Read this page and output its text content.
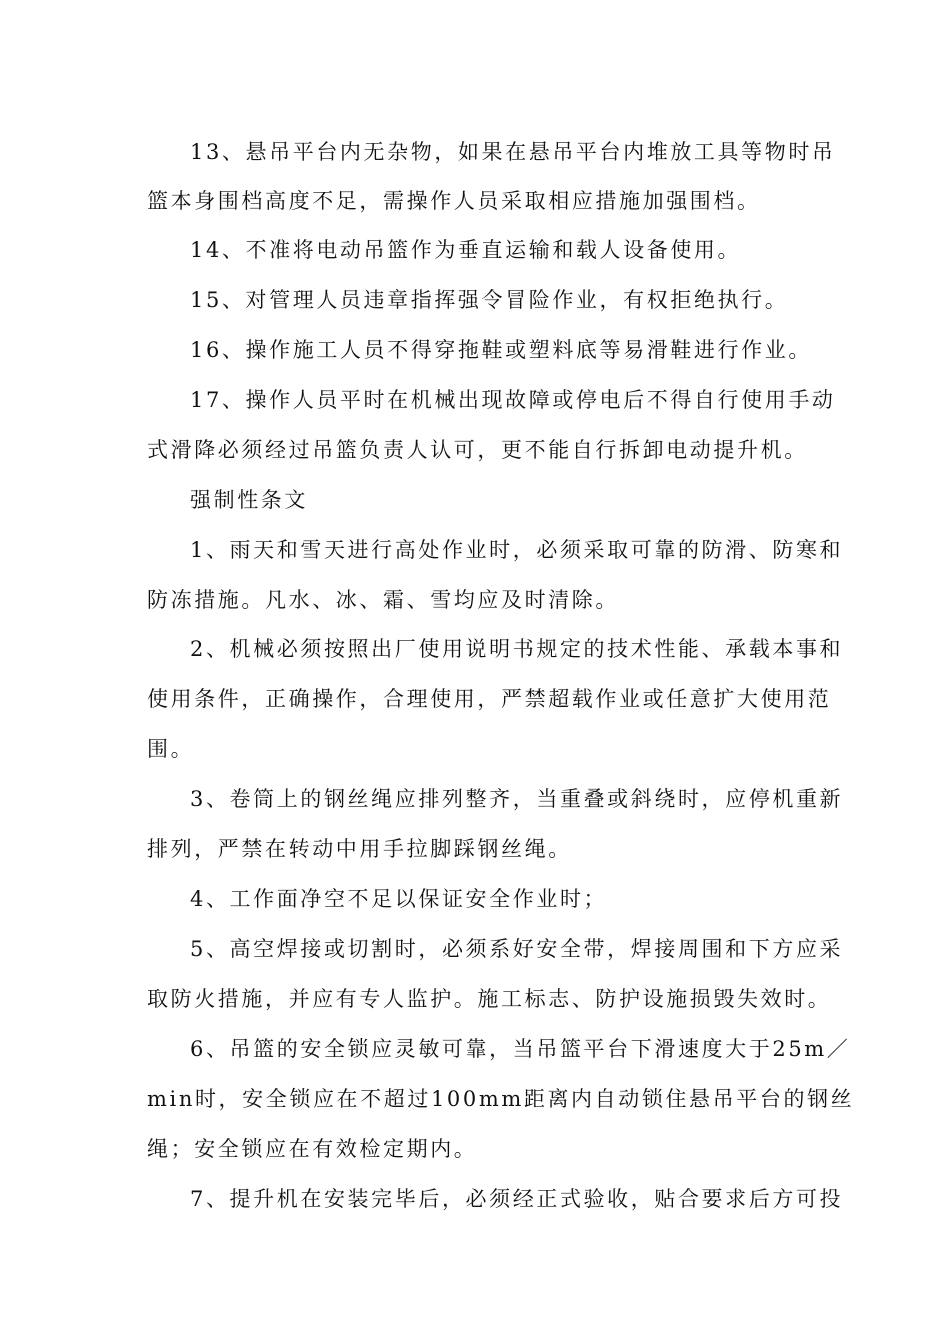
13、悬吊平台内无杂物，如果在悬吊平台内堆放工具等物时吊
篮本身围档高度不足，需操作人员采取相应措施加强围档。
14、不准将电动吊篮作为垂直运输和载人设备使用。
15、对管理人员违章指挥强令冒险作业，有权拒绝执行。
16、操作施工人员不得穿拖鞋或塑料底等易滑鞋进行作业。
17、操作人员平时在机械出现故障或停电后不得自行使用手动
式滑降必须经过吊篮负责人认可，更不能自行拆卸电动提升机。
强制性条文
1、雨天和雪天进行高处作业时，必须采取可靠的防滑、防寒和
防冻措施。凡水、冰、霜、雪均应及时清除。
2、机械必须按照出厂使用说明书规定的技术性能、承载本事和
使用条件，正确操作，合理使用，严禁超载作业或任意扩大使用范
围。
3、卷筒上的钢丝绳应排列整齐，当重叠或斜绕时，应停机重新
排列，严禁在转动中用手拉脚踩钢丝绳。
4、工作面净空不足以保证安全作业时；
5、高空焊接或切割时，必须系好安全带，焊接周围和下方应采
取防火措施，并应有专人监护。施工标志、防护设施损毁失效时。
6、吊篮的安全锁应灵敏可靠，当吊篮平台下滑速度大于25m／
min时，安全锁应在不超过100mm距离内自动锁住悬吊平台的钢丝
绳；安全锁应在有效检定期内。
7、提升机在安装完毕后，必须经正式验收，贴合要求后方可投
